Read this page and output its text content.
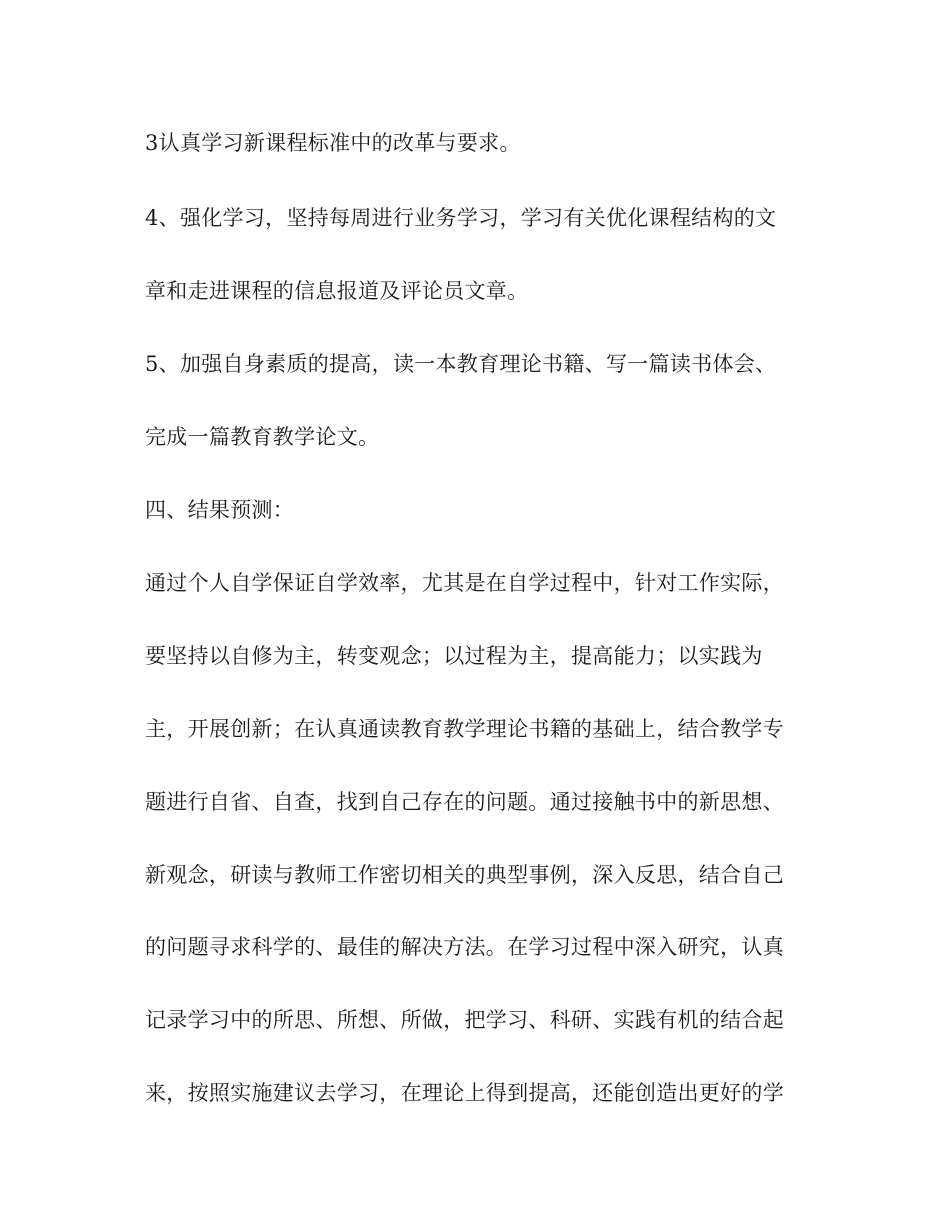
3认真学习新课程标准中的改革与要求。
4、强化学习，坚持每周进行业务学习，学习有关优化课程结构的文
章和走进课程的信息报道及评论员文章。
5、加强自身素质的提高，读一本教育理论书籍、写一篇读书体会、
完成一篇教育教学论文。
四、结果预测：
通过个人自学保证自学效率，尤其是在自学过程中，针对工作实际，
要坚持以自修为主，转变观念；以过程为主，提高能力；以实践为
主，开展创新；在认真通读教育教学理论书籍的基础上，结合教学专
题进行自省、自查，找到自己存在的问题。通过接触书中的新思想、
新观念，研读与教师工作密切相关的典型事例，深入反思，结合自己
的问题寻求科学的、最佳的解决方法。在学习过程中深入研究，认真
记录学习中的所思、所想、所做，把学习、科研、实践有机的结合起
来，按照实施建议去学习，在理论上得到提高，还能创造出更好的学
